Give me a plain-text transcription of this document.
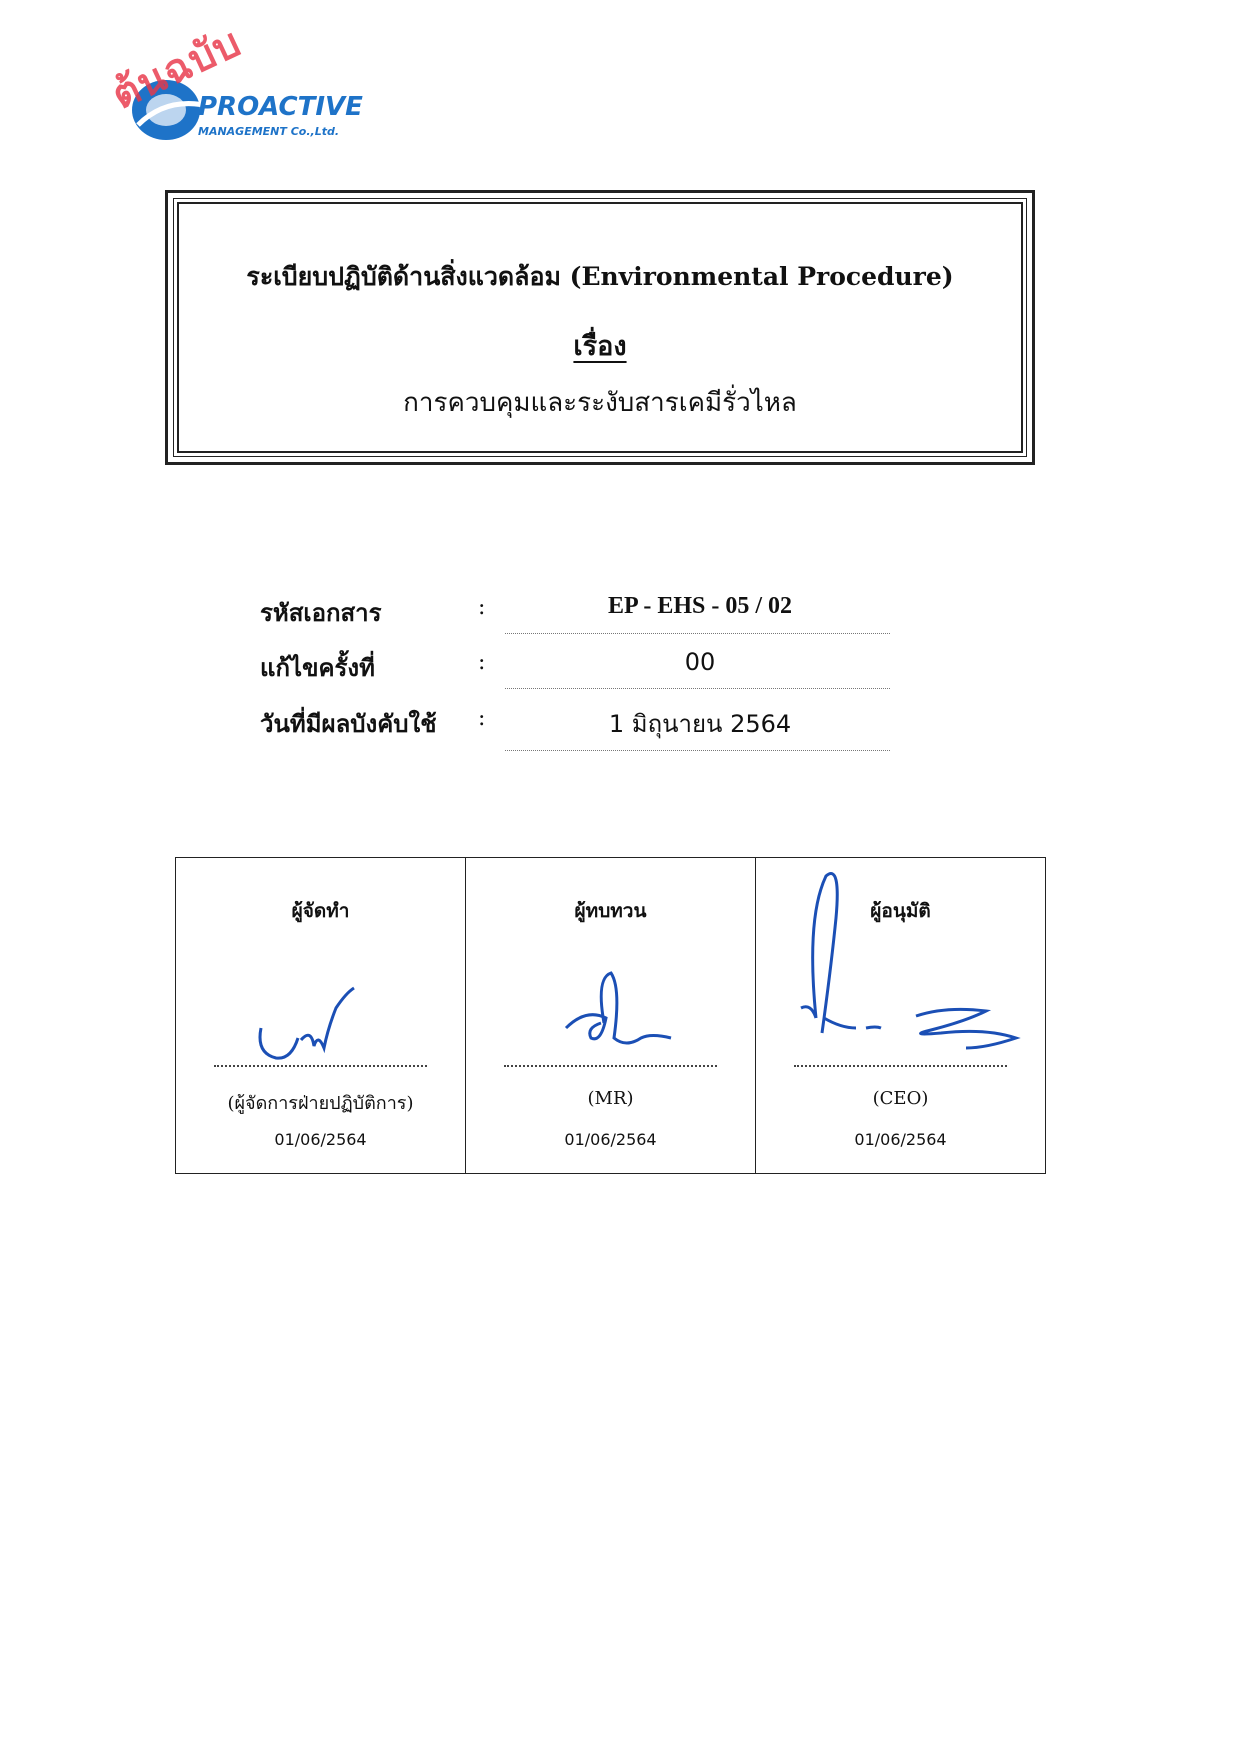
PROACTIVE
MANAGEMENT Co.,Ltd.
ต้นฉบับ
ระเบียบปฏิบัติด้านสิ่งแวดล้อม (Environmental Procedure)
เรื่อง
การควบคุมและระงับสารเคมีรั่วไหล
รหัสเอกสาร	:	EP - EHS - 05 / 02
แก้ไขครั้งที่	:	00
วันที่มีผลบังคับใช้ :	1 มิถุนายน 2564
ผู้จัดทำ
(ผู้จัดการฝ่ายปฏิบัติการ)
01/06/2564
ผู้ทบทวน
(MR)
01/06/2564
ผู้อนุมัติ
(CEO)
01/06/2564
